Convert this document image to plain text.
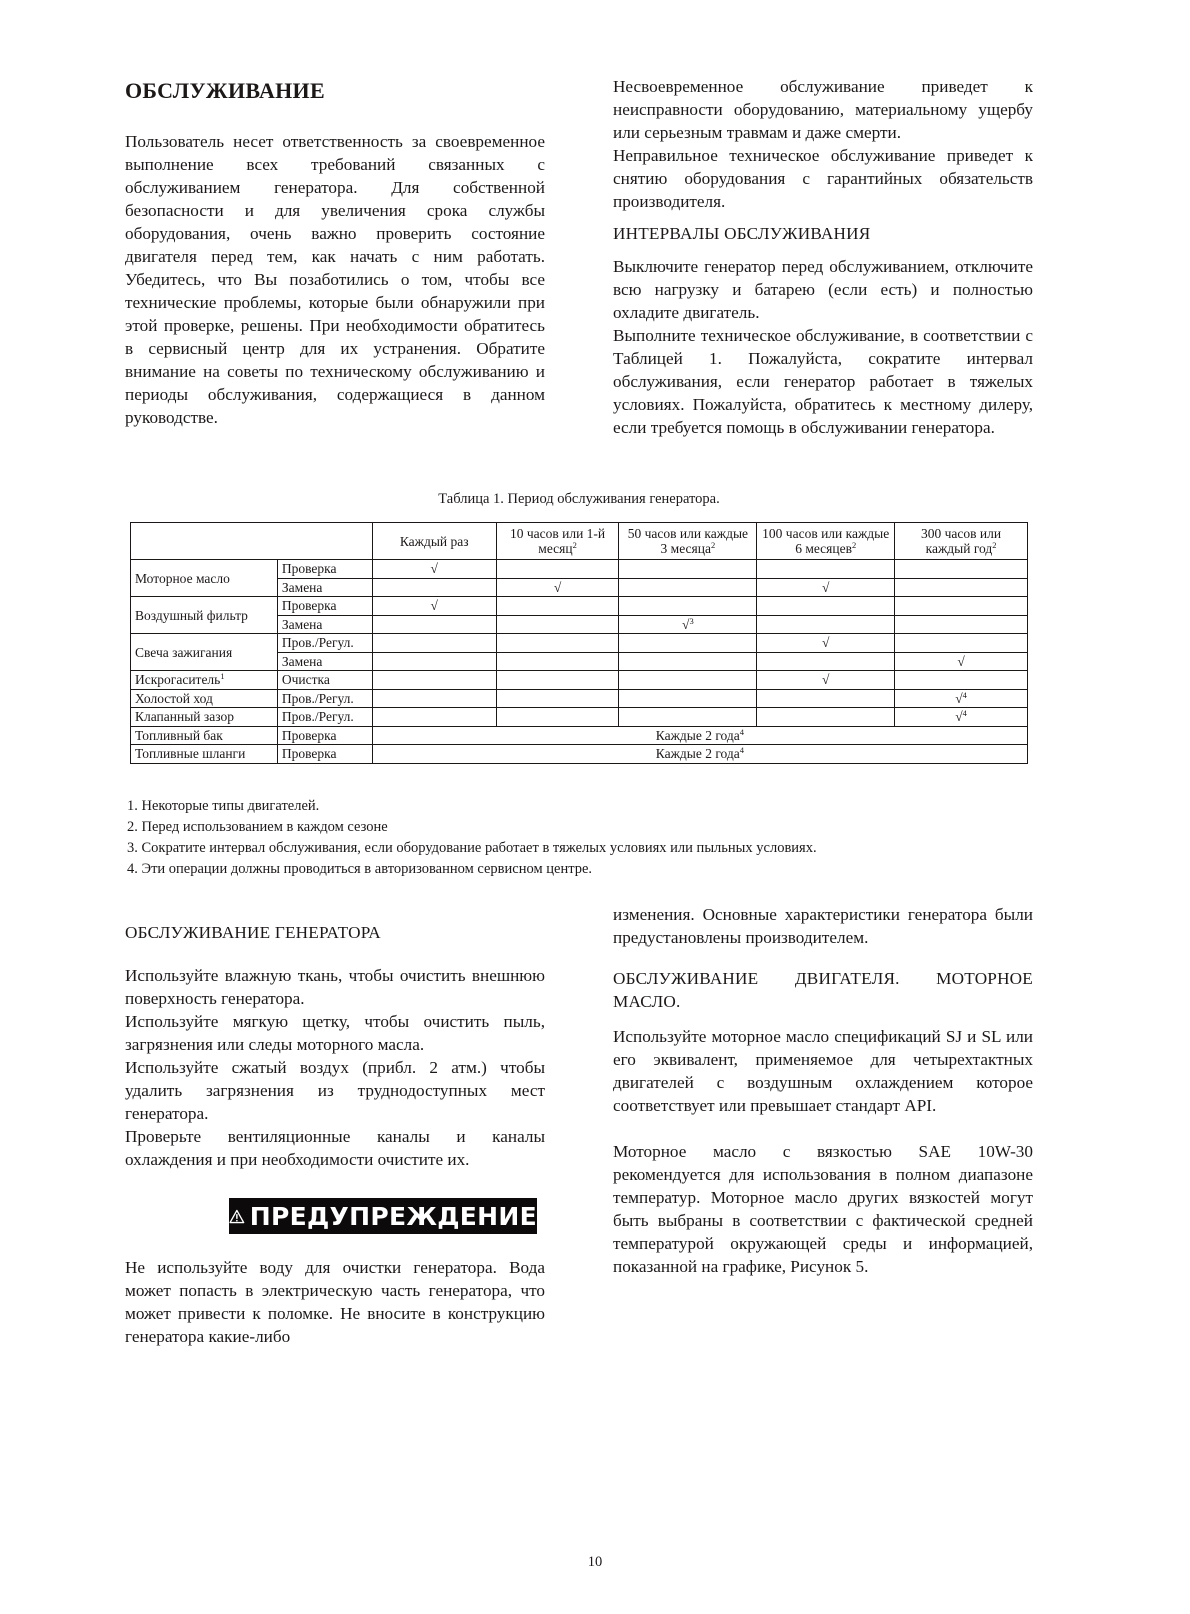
ОБСЛУЖИВАНИЕ

Пользователь несет ответственность за своевременное выполнение всех требований связанных с обслуживанием генератора. Для собственной безопасности и для увеличения срока службы оборудования, очень важно проверить состояние двигателя перед тем, как начать с ним работать. Убедитесь, что Вы позаботились о том, чтобы все технические проблемы, которые были обнаружили при этой проверке, решены. При необходимости обратитесь в сервисный центр для их устранения. Обратите внимание на советы по техническому обслуживанию и периоды обслуживания, содержащиеся в данном руководстве.

Несвоевременное обслуживание приведет к неисправности оборудованию, материальному ущербу или серьезным травмам и даже смерти.

Неправильное техническое обслуживание приведет к снятию оборудования с гарантийных обязательств производителя.

ИНТЕРВАЛЫ ОБСЛУЖИВАНИЯ

Выключите генератор перед обслуживанием, отключите всю нагрузку и батарею (если есть) и полностью охладите двигатель.

Выполните техническое обслуживание, в соответствии с Таблицей 1. Пожалуйста, сократите интервал обслуживания, если генератор работает в тяжелых условиях. Пожалуйста, обратитесь к местному дилеру, если требуется помощь в обслуживании генератора.

Таблица 1. Период обслуживания генератора.
		Каждый раз	10 часов или 1-й месяц$^2$	50 часов или каждые 3 месяца$^2$	100 часов или каждые 6 месяцев$^2$	300 часов или каждый год$^2$
Моторное масло	Проверка	√				
	Замена		√		√	
Воздушный фильтр	Проверка	√				
	Замена			√$^3$		
Свеча зажигания	Пров./Регул.				√	
	Замена					√
Искрогаситель$^1$	Очистка				√	
Холостой ход	Пров./Регул.					√$^4$
Клапанный зазор	Пров./Регул.					√$^4$
Топливный бак	Проверка	Каждые 2 года$^4$
Топливные шланги	Проверка	Каждые 2 года$^4$
1. Некоторые типы двигателей.
2. Перед использованием в каждом сезоне
3. Сократите интервал обслуживания, если оборудование работает в тяжелых условиях или пыльных условиях.
4. Эти операции должны проводиться в авторизованном сервисном центре.

ОБСЛУЖИВАНИЕ ГЕНЕРАТОРА

Используйте влажную ткань, чтобы очистить внешнюю поверхность генератора.

Используйте мягкую щетку, чтобы очистить пыль, загрязнения или следы моторного масла.

Используйте сжатый воздух (прибл. 2 атм.) чтобы удалить загрязнения из труднодоступных мест генератора.

Проверьте вентиляционные каналы и каналы охлаждения и при необходимости очистите их.

ПРЕДУПРЕЖДЕНИЕ

Не используйте воду для очистки генератора. Вода может попасть в электрическую часть генератора, что может привести к поломке. Не вносите в конструкцию генератора какие-либо

изменения. Основные характеристики генератора были предустановлены производителем.

ОБСЛУЖИВАНИЕ ДВИГАТЕЛЯ. МОТОРНОЕ МАСЛО.

Используйте моторное масло спецификаций SJ и SL или его эквивалент, применяемое для четырехтактных двигателей с воздушным охлаждением которое соответствует или превышает стандарт API.

Моторное масло с вязкостью SAE 10W-30 рекомендуется для использования в полном диапазоне температур. Моторное масло других вязкостей могут быть выбраны в соответствии с фактической средней температурой окружающей среды и информацией, показанной на графике, Рисунок 5.

10
